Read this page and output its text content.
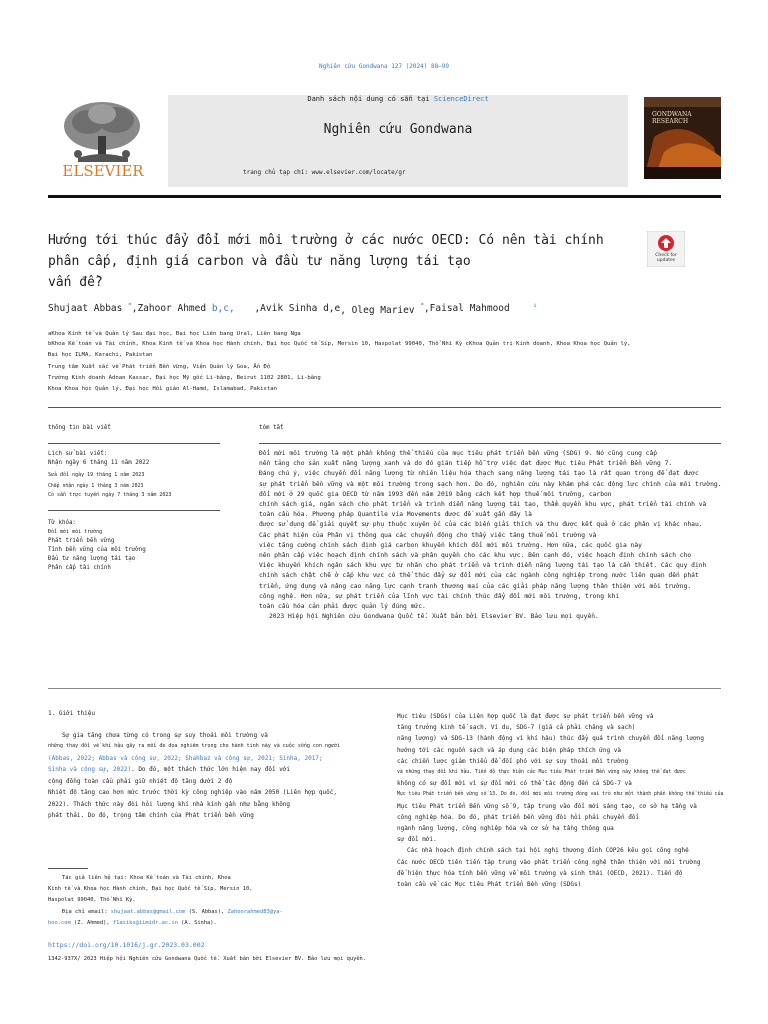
Nghiên cứu Gondwana 127 (2024) 88–99
Danh sách nội dung có sẵn tại ScienceDirect
Nghiên cứu Gondwana
trang chủ tạp chí: www.elsevier.com/locate/gr
ELSEVIER
GONDWANA RESEARCH
Hướng tới thúc đẩy đổi mới môi trường ở các nước OECD: Có nên tài chính
phân cấp, định giá carbon và đầu tư năng lượng tái tạo
vấn đề?
Check for updates
Shujaat Abbas *,Zahoor Ahmed b,c, ,Avik Sinha d,e, Oleg Mariev *,Faisal Mahmood	$^i$
aKhoa Kinh tế và Quản lý Sau đại học, Đại học Liên bang Ural, Liên bang Nga
bKhoa Kế toán và Tài chính, Khoa Kinh tế và Khoa học Hành chính, Đại học Quốc tế Síp, Mersin 10, Haspolat 99040, Thổ Nhĩ Kỳ cKhoa Quản trị Kinh doanh, Khoa Khoa học Quản lý,
Đại học ILMA, Karachi, Pakistan
Trung tâm Xuất sắc về Phát triển Bền vững, Viện Quản lý Goa, Ấn Độ
Trường Kinh doanh Adnan Kassar, Đại học Mỹ gốc Li-băng, Beirut 1102 2801, Li-băng
Khoa Khoa học Quản lý, Đại học Hồi giáo Al-Hamd, Islamabad, Pakistan
thông tin bài viết
Lịch sử bài viết:
Nhận ngày 6 tháng 11 năm 2022
Sửa đổi ngày 19 tháng 1 năm 2023
Chấp nhận ngày 1 tháng 3 năm 2023
Có sẵn trực tuyến ngày 7 tháng 3 năm 2023
Từ khóa:
Đổi mới môi trường
Phát triển bền vững
Tính bền vững của môi trường
Đầu tư năng lượng tái tạo
Phân cấp tài chính
tóm tắt

Đổi mới môi trường là một phần không thể thiếu của mục tiêu phát triển bền vững (SDG) 9. Nó cũng cung cấp

nền tảng cho sản xuất năng lượng xanh và do đó gián tiếp hỗ trợ việc đạt được Mục tiêu Phát triển Bền vững 7.

Đáng chú ý, việc chuyển đổi năng lượng từ nhiên liệu hóa thạch sang năng lượng tái tạo là rất quan trọng để đạt được

sự phát triển bền vững và một môi trường trong sạch hơn. Do đó, nghiên cứu này khám phá các động lực chính của môi trường.

đổi mới ở 29 quốc gia OECD từ năm 1993 đến năm 2019 bằng cách kết hợp thuế môi trường, carbon

chính sách giá, ngân sách cho phát triển và trình diễn năng lượng tái tạo, thẩm quyền khu vực, phát triển tài chính và

toàn cầu hóa. Phương pháp Quantile via Movements được đề xuất gần đây là

được sử dụng để giải quyết sự phụ thuộc xuyên ốc của các biến giải thích và thu được kết quả ở các phân vị khác nhau.

Các phát hiện của Phân vị thông qua các chuyển động cho thấy việc tăng thuế môi trường và

việc tăng cường chính sách định giá carbon khuyến khích đổi mới môi trường. Hơn nữa, các quốc gia này

nên phân cấp việc hoạch định chính sách và phân quyền cho các khu vực. Bên cạnh đó, việc hoạch định chính sách cho

Việc khuyến khích ngân sách khu vực tư nhân cho phát triển và trình diễn năng lượng tái tạo là cần thiết. Các quy định

chính sách chặt chẽ ở cấp khu vực có thể thúc đẩy sự đổi mới của các ngành công nghiệp trong nước liên quan đến phát

triển, ứng dụng và nâng cao năng lực cạnh tranh thương mại của các giải pháp năng lượng thân thiện với môi trường.

công nghệ. Hơn nữa, sự phát triển của lĩnh vực tài chính thúc đẩy đổi mới môi trường, trong khi

toàn cầu hóa cản phải được quản lý đúng mức.

2023 Hiệp hội Nghiên cứu Gondwana Quốc tế. Xuất bản bởi Elsevier BV. Bảo lưu mọi quyền.

1. Giới thiệu

Sự gia tăng chưa từng có trong sự suy thoái môi trường và

những thay đổi về khí hậu gây ra mối đe dọa nghiêm trọng cho hành tinh này và cuộc sống con người

(Abbas, 2022; Abbas và cộng sự, 2022; Shahbaz và cộng sự, 2021; Sinha, 2017;

Sinha và cộng sự, 2022). Do đó, một thách thức lớn hiện nay đối với

cộng đồng toàn cầu phải giữ nhiệt độ tăng dưới 2 độ

Nhiệt độ tăng cao hơn mức trước thời kỳ công nghiệp vào năm 2050 (Liên hợp quốc,

2022). Thách thức này đòi hỏi lượng khí nhà kính gần như bằng không

phát thải. Do đó, trọng tâm chính của Phát triển bền vững

Mục tiêu (SDGs) của Liên hợp quốc là đạt được sự phát triển bền vững và

tăng trưởng kinh tế sạch. Ví dụ, SDG-7 (giá cả phải chăng và sạch)

năng lượng) và SDG-13 (hành động vì khí hậu) thúc đẩy quá trình chuyển đổi năng lượng

hướng tới các nguồn sạch và áp dụng các biện pháp thích ứng và

các chiến lược giảm thiểu để đối phó với sự suy thoái môi trường

và những thay đổi khí hậu. Tiến độ thực hiện các Mục tiêu Phát triển Bền vững này không thể đạt được

không có sự đổi mới vì sự đổi mới có thể tác động đến cả SDG-7 và

Mục tiêu Phát triển bền vững số 13. Do đó, đổi mới môi trường đóng vai trò như một thành phần không thể thiếu của

Mục tiêu Phát triển Bền vững số 9, tập trung vào đổi mới sáng tạo, cơ sở hạ tầng và

công nghiệp hóa. Do đó, phát triển bền vững đòi hỏi phải chuyển đổi

ngành năng lượng, công nghiệp hóa và cơ sở hạ tầng thông qua

sự đổi mới.

Các nhà hoạch định chính sách tại hội nghị thượng đỉnh COP26 kêu gọi công nghệ

Các nước OECD tiên tiến tập trung vào phát triển công nghệ thân thiện với môi trường

để hiện thực hóa tính bền vững về môi trường và sinh thái (OECD, 2021). Tiến độ

toàn cầu về các Mục tiêu Phát triển Bền vững (SDGs)

Tác giả liên hệ tại: Khoa Kế toán và Tài chính, Khoa
Kinh tế và Khoa học Hành chính, Đại học Quốc tế Síp, Mersin 10,
Haspolat 99040, Thổ Nhĩ Kỳ.
Địa chỉ email: shujaat.abbas@gmail.com (S. Abbas), Zahoorahmed83@ya-
hoo.com (Z. Ahmed), f1asiks@iimidr.ac.in (A. Sinha).
https://doi.org/10.1016/j.gr.2023.03.002
1342-937X/ 2023 Hiệp hội Nghiên cứu Gondwana Quốc tế. Xuất bản bởi Elsevier BV. Bảo lưu mọi quyền.
